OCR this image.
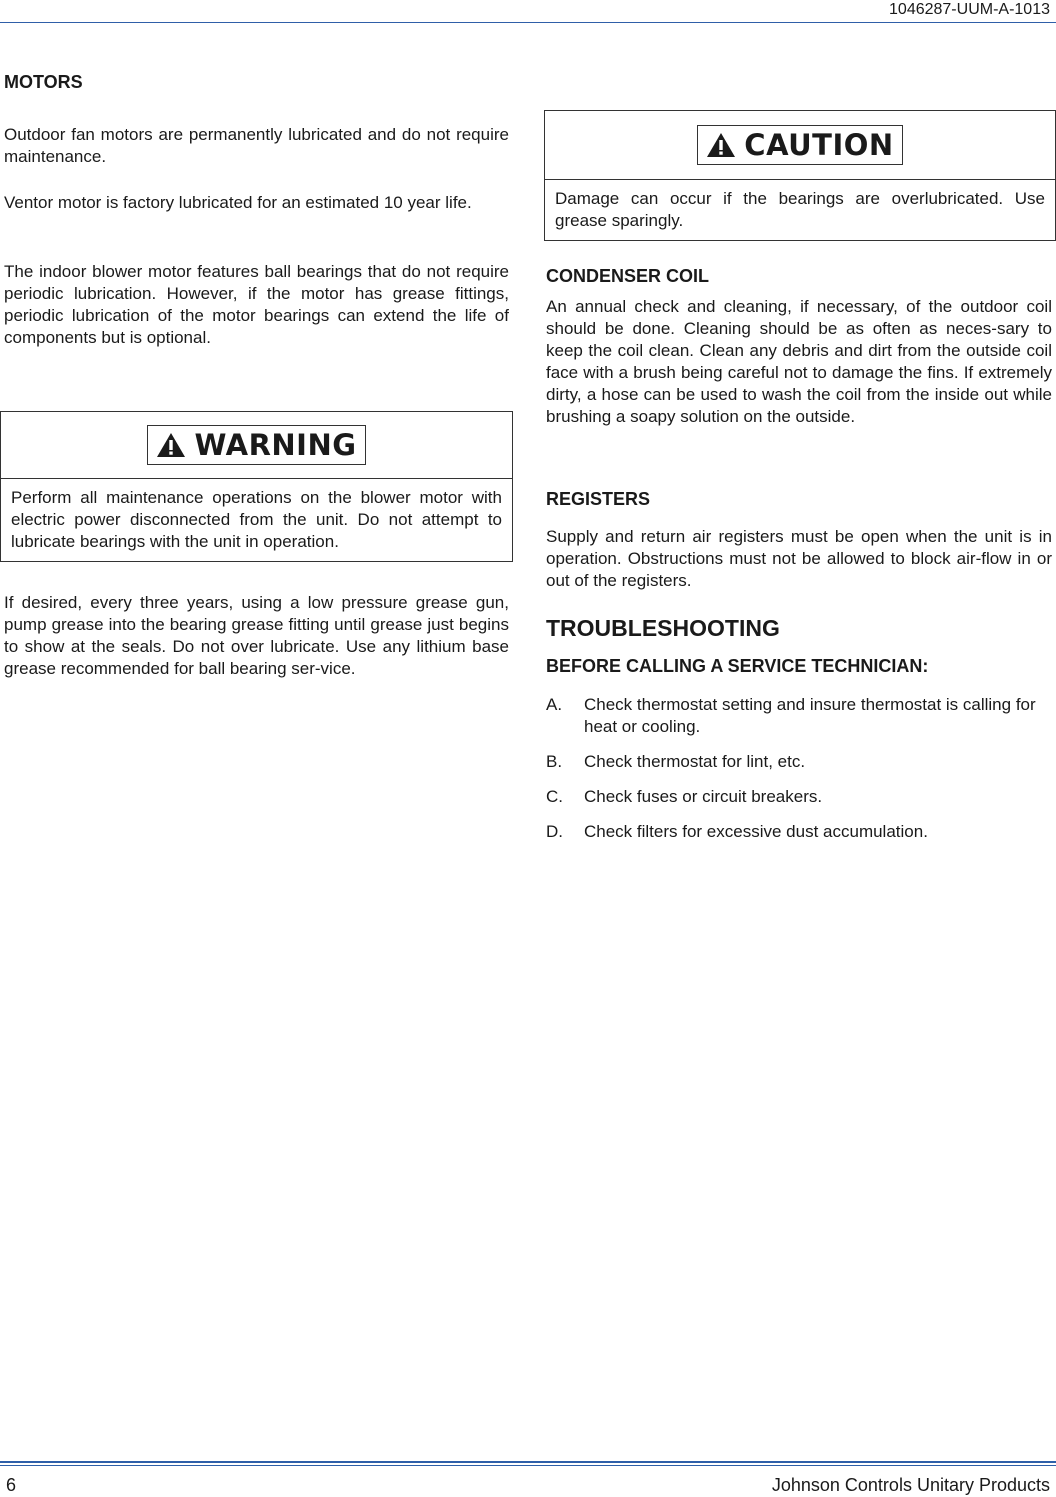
1046287-UUM-A-1013
MOTORS

Outdoor fan motors are permanently lubricated and do not require maintenance.

Ventor motor is factory lubricated for an estimated 10 year life.

The indoor blower motor features ball bearings that do not require periodic lubrication. However, if the motor has grease fittings, periodic lubrication of the motor bearings can extend the life of components but is optional.

WARNING
Perform all maintenance operations on the blower motor with electric power disconnected from the unit. Do not attempt to lubricate bearings with the unit in operation.

If desired, every three years, using a low pressure grease gun, pump grease into the bearing grease fitting until grease just begins to show at the seals. Do not over lubricate. Use any lithium base grease recommended for ball bearing ser-vice.

CAUTION
Damage can occur if the bearings are overlubricated. Use grease sparingly.
CONDENSER COIL

An annual check and cleaning, if necessary, of the outdoor coil should be done. Cleaning should be as often as neces-sary to keep the coil clean. Clean any debris and dirt from the outside coil face with a brush being careful not to damage the fins. If extremely dirty, a hose can be used to wash the coil from the inside out while brushing a soapy solution on the outside.

REGISTERS

Supply and return air registers must be open when the unit is in operation. Obstructions must not be allowed to block air-flow in or out of the registers.

TROUBLESHOOTING
BEFORE CALLING A SERVICE TECHNICIAN:
A.	Check thermostat setting and insure thermostat is calling for heat or cooling.
B.	Check thermostat for lint, etc.
C.	Check fuses or circuit breakers.
D.	Check filters for excessive dust accumulation.
6	Johnson Controls Unitary Products
